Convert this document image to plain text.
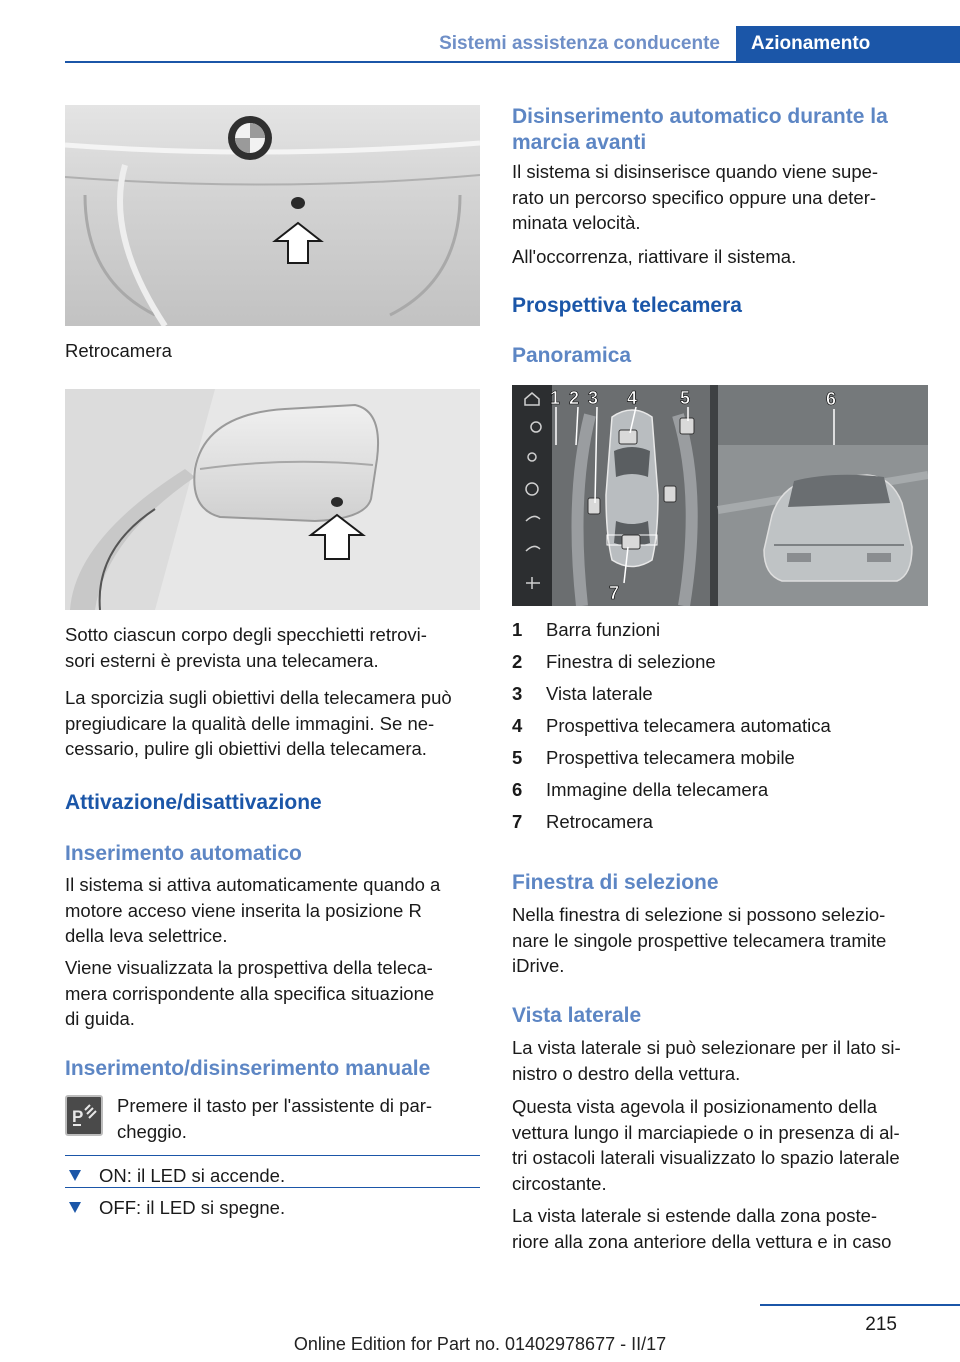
Sistemi assistenza conducente	Azionamento
Retrocamera
Sotto ciascun corpo degli specchietti retrovi-
sori esterni è prevista una telecamera.
La sporcizia sugli obiettivi della telecamera può
pregiudicare la qualità delle immagini. Se ne-
cessario, pulire gli obiettivi della telecamera.
Attivazione/disattivazione
Inserimento automatico
Il sistema si attiva automaticamente quando a
motore acceso viene inserita la posizione R
della leva selettrice.
Viene visualizzata la prospettiva della teleca-
mera corrispondente alla specifica situazione
di guida.
Inserimento/disinserimento manuale
P
Premere il tasto per l'assistente di par-
cheggio.
ON: il LED si accende.
OFF: il LED si spegne.
Disinserimento automatico durante la
marcia avanti
Il sistema si disinserisce quando viene supe-
rato un percorso specifico oppure una deter-
minata velocità.
All'occorrenza, riattivare il sistema.
Prospettiva telecamera
Panoramica
1 2 3 4 5	6
7
1	Barra funzioni
2	Finestra di selezione
3	Vista laterale
4	Prospettiva telecamera automatica
5	Prospettiva telecamera mobile
6	Immagine della telecamera
7	Retrocamera
Finestra di selezione
Nella finestra di selezione si possono selezio-
nare le singole prospettive telecamera tramite
iDrive.
Vista laterale
La vista laterale si può selezionare per il lato si-
nistro o destro della vettura.
Questa vista agevola il posizionamento della
vettura lungo il marciapiede o in presenza di al-
tri ostacoli laterali visualizzato lo spazio laterale
circostante.
La vista laterale si estende dalla zona poste-
riore alla zona anteriore della vettura e in caso
215
Online Edition for Part no. 01402978677 - II/17
